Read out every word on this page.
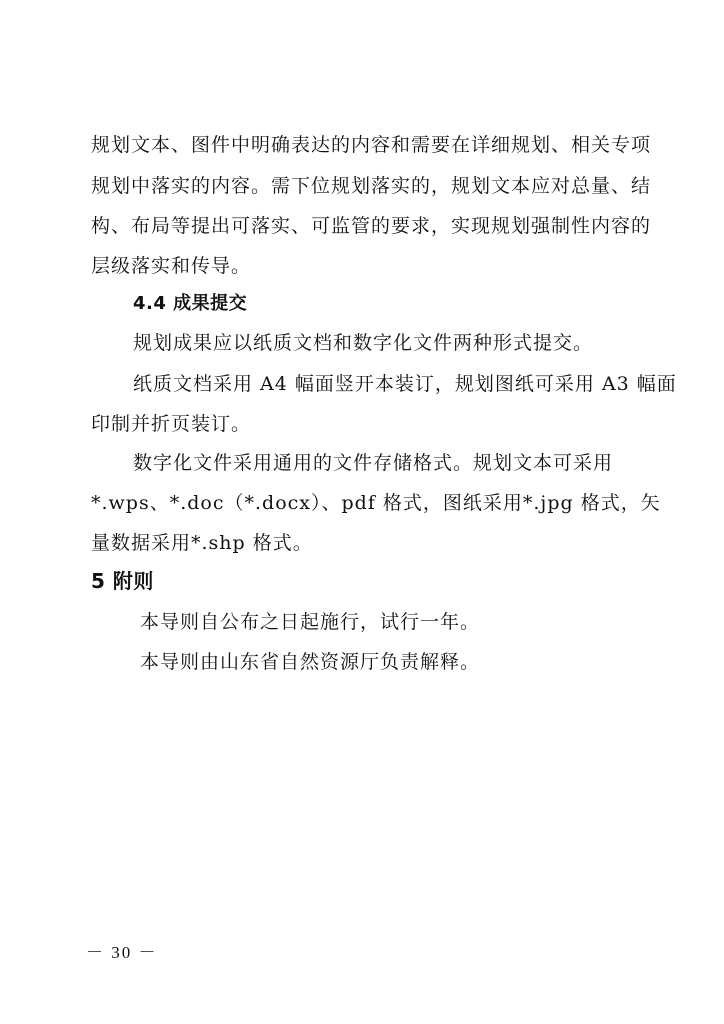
规划文本、图件中明确表达的内容和需要在详细规划、相关专项
规划中落实的内容。需下位规划落实的，规划文本应对总量、结
构、布局等提出可落实、可监管的要求，实现规划强制性内容的
层级落实和传导。
4.4 成果提交
规划成果应以纸质文档和数字化文件两种形式提交。
纸质文档采用 A4 幅面竖开本装订，规划图纸可采用 A3 幅面
印制并折页装订。
数字化文件采用通用的文件存储格式。规划文本可采用
*.wps、*.doc（*.docx）、pdf 格式，图纸采用*.jpg 格式，矢
量数据采用*.shp 格式。
5 附则
本导则自公布之日起施行，试行一年。
本导则由山东省自然资源厅负责解释。
－ 30 －
